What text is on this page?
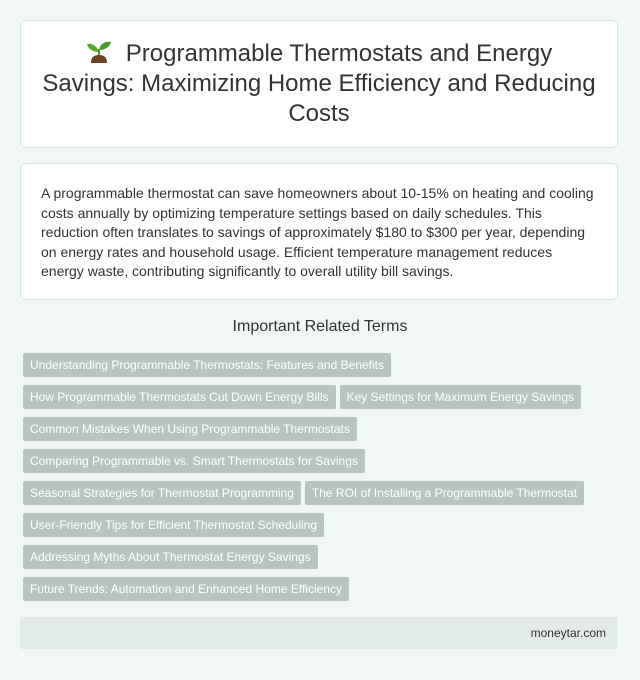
Programmable Thermostats and Energy Savings: Maximizing Home Efficiency and Reducing Costs

A programmable thermostat can save homeowners about 10-15% on heating and cooling costs annually by optimizing temperature settings based on daily schedules. This reduction often translates to savings of approximately $180 to $300 per year, depending on energy rates and household usage. Efficient temperature management reduces energy waste, contributing significantly to overall utility bill savings.

Important Related Terms
Understanding Programmable Thermostats: Features and Benefits
How Programmable Thermostats Cut Down Energy Bills Key Settings for Maximum Energy Savings
Common Mistakes When Using Programmable Thermostats
Comparing Programmable vs. Smart Thermostats for Savings
Seasonal Strategies for Thermostat Programming The ROI of Installing a Programmable Thermostat
User-Friendly Tips for Efficient Thermostat Scheduling
Addressing Myths About Thermostat Energy Savings
Future Trends: Automation and Enhanced Home Efficiency
moneytar.com
